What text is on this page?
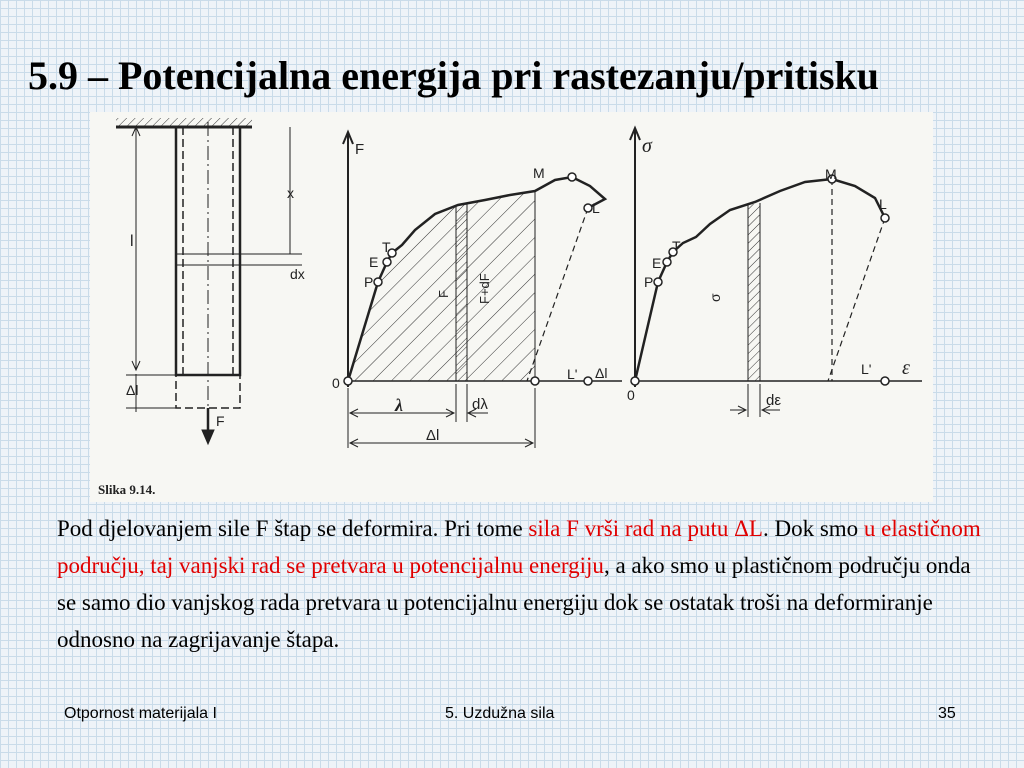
5.9 – Potencijalna energija pri rastezanju/pritisku
x
l
dx
Δl
F
F
0
P
E
T
M
L
L' Δl
F F+dF
λ	dλ
Δl
σ
ε
0
P
E
T
M
L
L'
σ
dε
Slika 9.14.

Pod djelovanjem sile F štap se deformira. Pri tome sila F vrši rad na putu ΔL. Dok smo u elastičnom području, taj vanjski rad se pretvara u potencijalnu energiju, a ako smo u plastičnom području onda se samo dio vanjskog rada pretvara u potencijalnu energiju dok se ostatak troši na deformiranje odnosno na zagrijavanje štapa.

Otpornost materijala I	5. Uzdužna sila	35
